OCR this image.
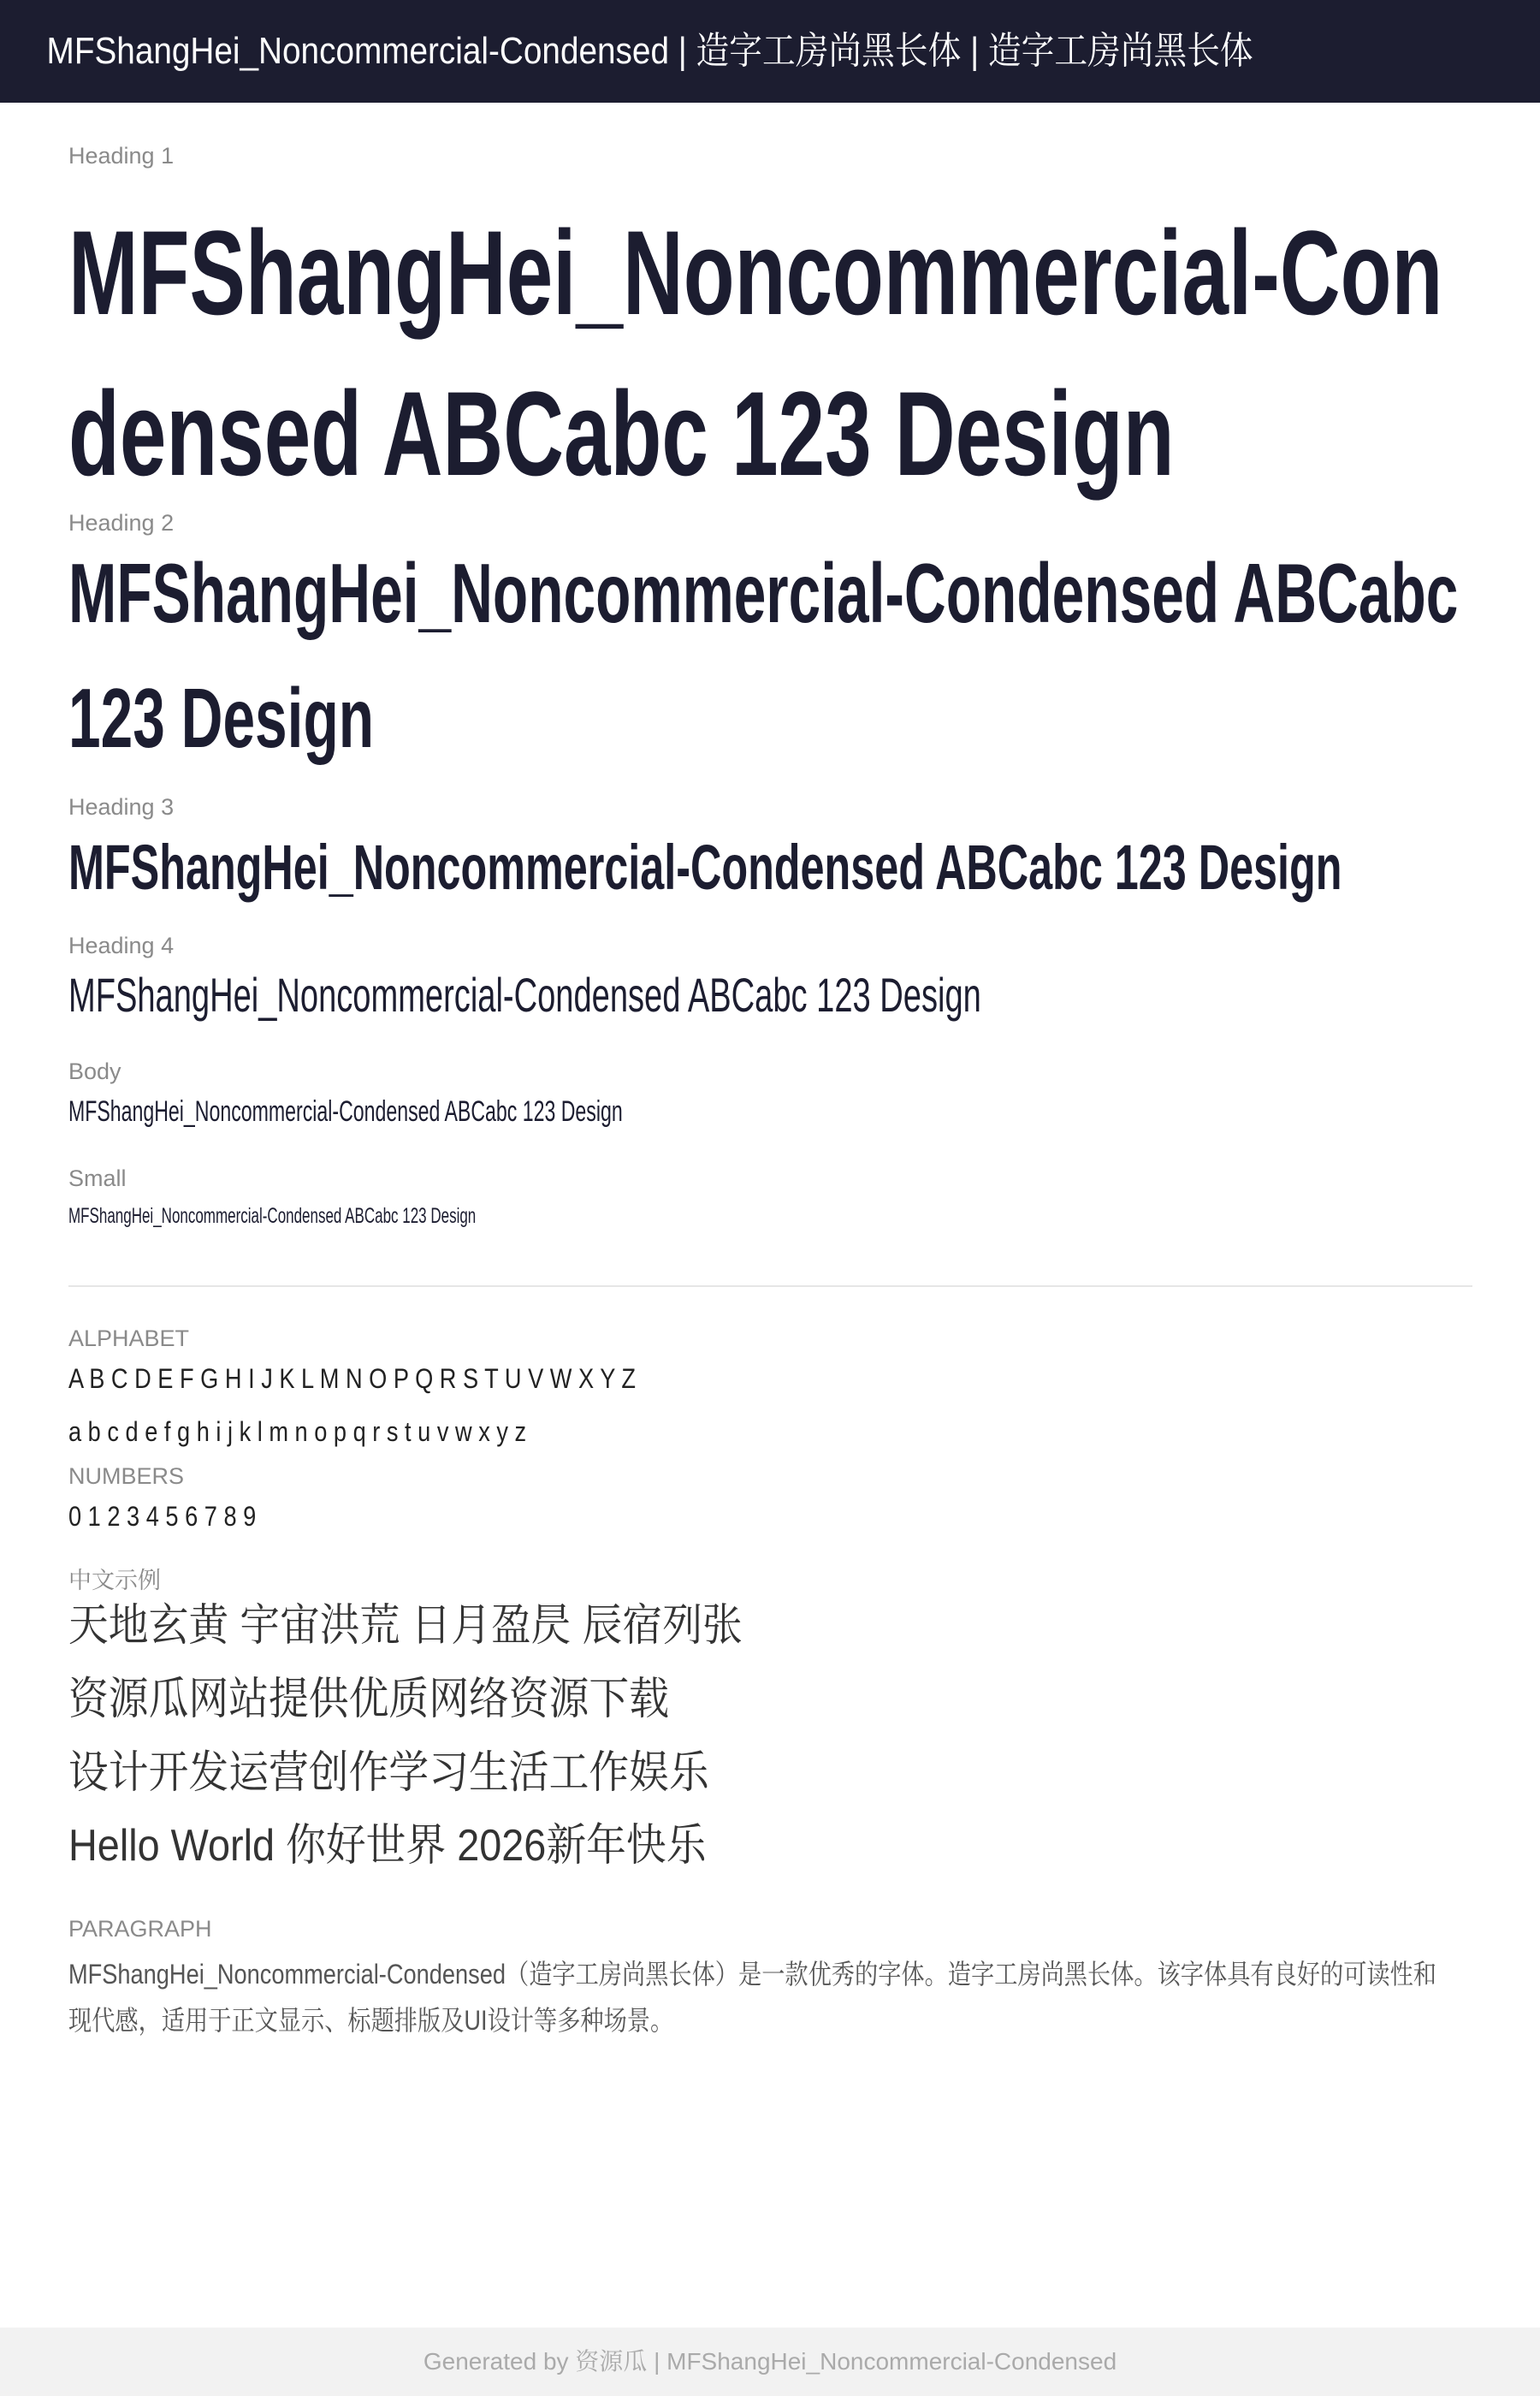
MFShangHei_Noncommercial-Condensed | 造字工房尚黑长体 | 造字工房尚黑长体
Heading 1
MFShangHei_Noncommercial-Condensed ABCabc 123 Design
Heading 2
MFShangHei_Noncommercial-Condensed ABCabc 123 Design
Heading 3
MFShangHei_Noncommercial-Condensed ABCabc 123 Design
Heading 4
MFShangHei_Noncommercial-Condensed ABCabc 123 Design
Body
MFShangHei_Noncommercial-Condensed ABCabc 123 Design
Small
MFShangHei_Noncommercial-Condensed ABCabc 123 Design
ALPHABET
A B C D E F G H I J K L M N O P Q R S T U V W X Y Z
a b c d e f g h i j k l m n o p q r s t u v w x y z
NUMBERS
0 1 2 3 4 5 6 7 8 9
中文示例
天地玄黄 宇宙洪荒 日月盈昃 辰宿列张
资源瓜网站提供优质网络资源下载
设计开发运营创作学习生活工作娱乐
Hello World 你好世界 2026新年快乐
PARAGRAPH
MFShangHei_Noncommercial-Condensed（造字工房尚黑长体）是一款优秀的字体。造字工房尚黑长体。该字体具有良好的可读性和现代感，适用于正文显示、标题排版及UI设计等多种场景。
Generated by 资源瓜 | MFShangHei_Noncommercial-Condensed
